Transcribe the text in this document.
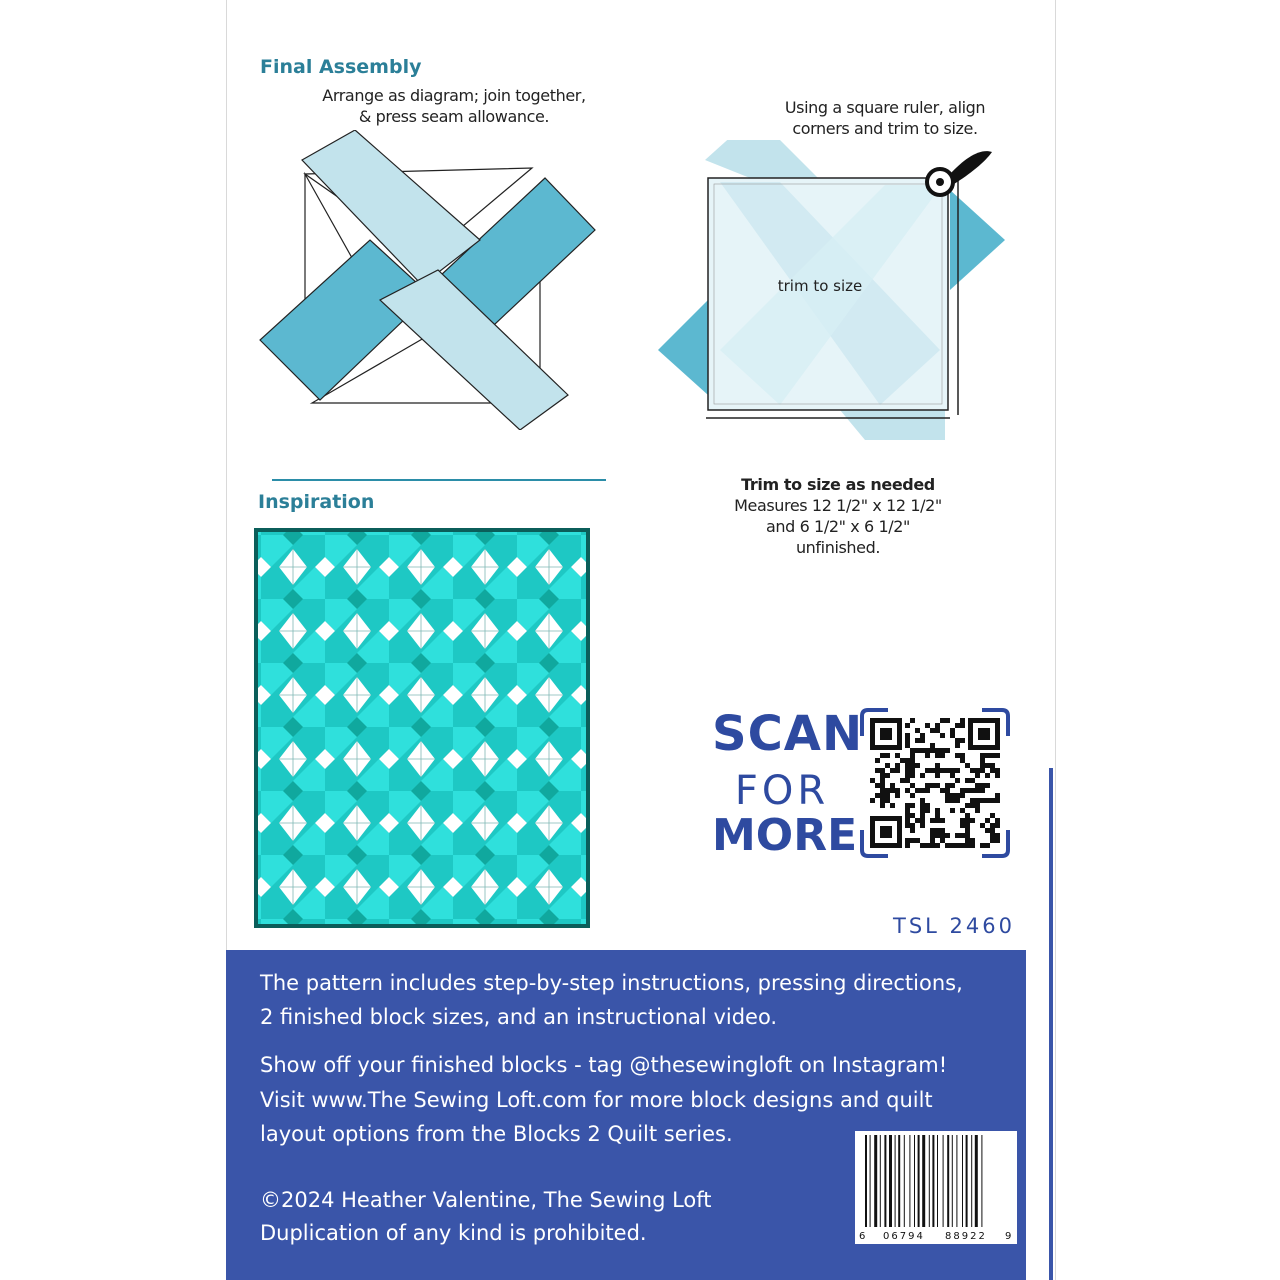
Final Assembly
Arrange as diagram; join together,
& press seam allowance.	Using a square ruler, align
corners and trim to size.
trim to size
Trim to size as needed
Measures 12 1/2" x 12 1/2"
and 6 1/2" x 6 1/2"
unfinished.
Inspiration
SCAN
FOR
MORE
TSL 2460
The pattern includes step-by-step instructions, pressing directions,
2 finished block sizes, and an instructional video.
Show off your finished blocks - tag @thesewingloft on Instagram!
Visit www.The Sewing Loft.com for more block designs and quilt
layout options from the Blocks 2 Quilt series.
©2024 Heather Valentine, The Sewing Loft
Duplication of any kind is prohibited.	6 06794 88922 9
